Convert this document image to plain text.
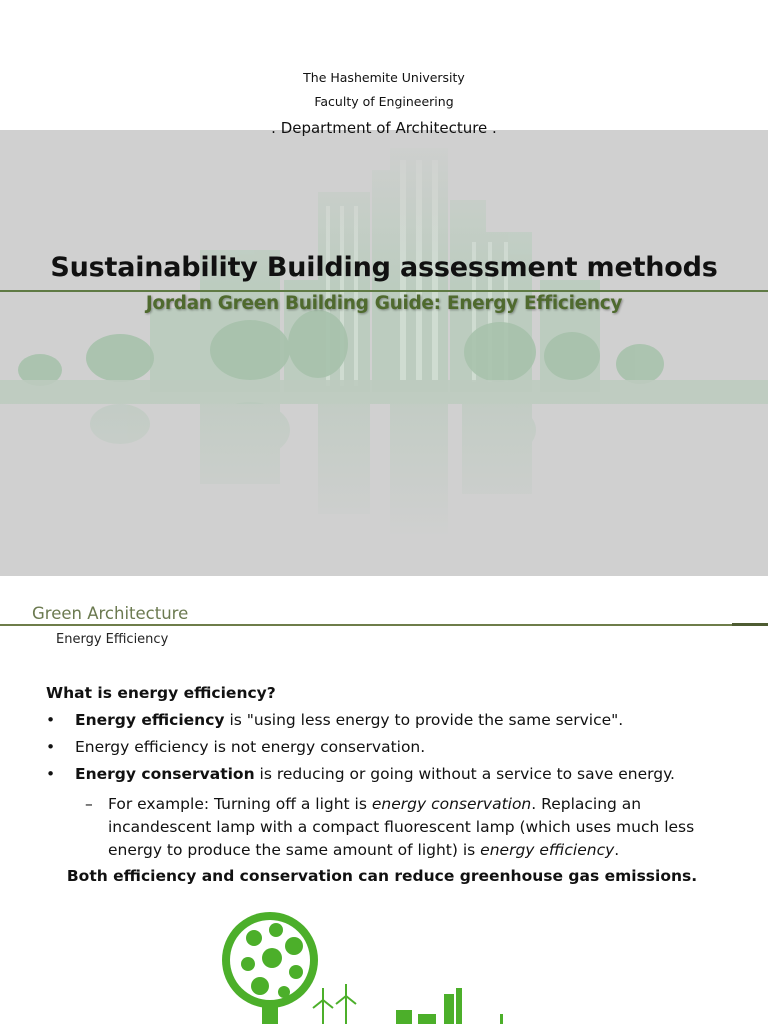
The Hashemite University
Faculty of Engineering
. Department of Architecture .
Sustainability Building assessment methods
Jordan Green Building Guide: Energy Efficiency
Green Architecture
Energy Efficiency
What is energy efficiency?
• Energy efficiency is "using less energy to provide the same service".
• Energy efficiency is not energy conservation.
• Energy conservation is reducing or going without a service to save energy.
– For example: Turning off a light is energy conservation. Replacing an incandescent lamp with a compact fluorescent lamp (which uses much less energy to produce the same amount of light) is energy efficiency.
Both efficiency and conservation can reduce greenhouse gas emissions.
